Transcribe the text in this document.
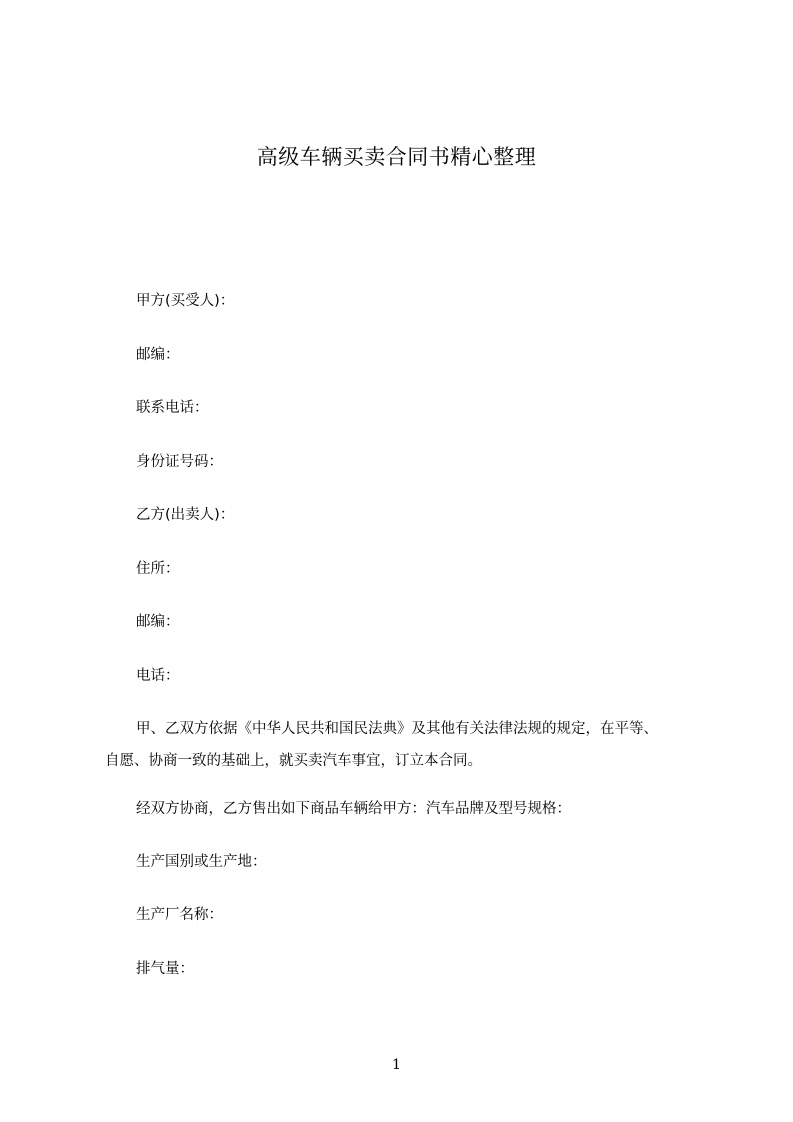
高级车辆买卖合同书精心整理
甲方(买受人)：
邮编：
联系电话：
身份证号码：
乙方(出卖人)：
住所：
邮编：
电话：
甲、乙双方依据《中华人民共和国民法典》及其他有关法律法规的规定，在平等、
自愿、协商一致的基础上，就买卖汽车事宜，订立本合同。
经双方协商，乙方售出如下商品车辆给甲方：汽车品牌及型号规格：
生产国别或生产地：
生产厂名称：
排气量：
1
